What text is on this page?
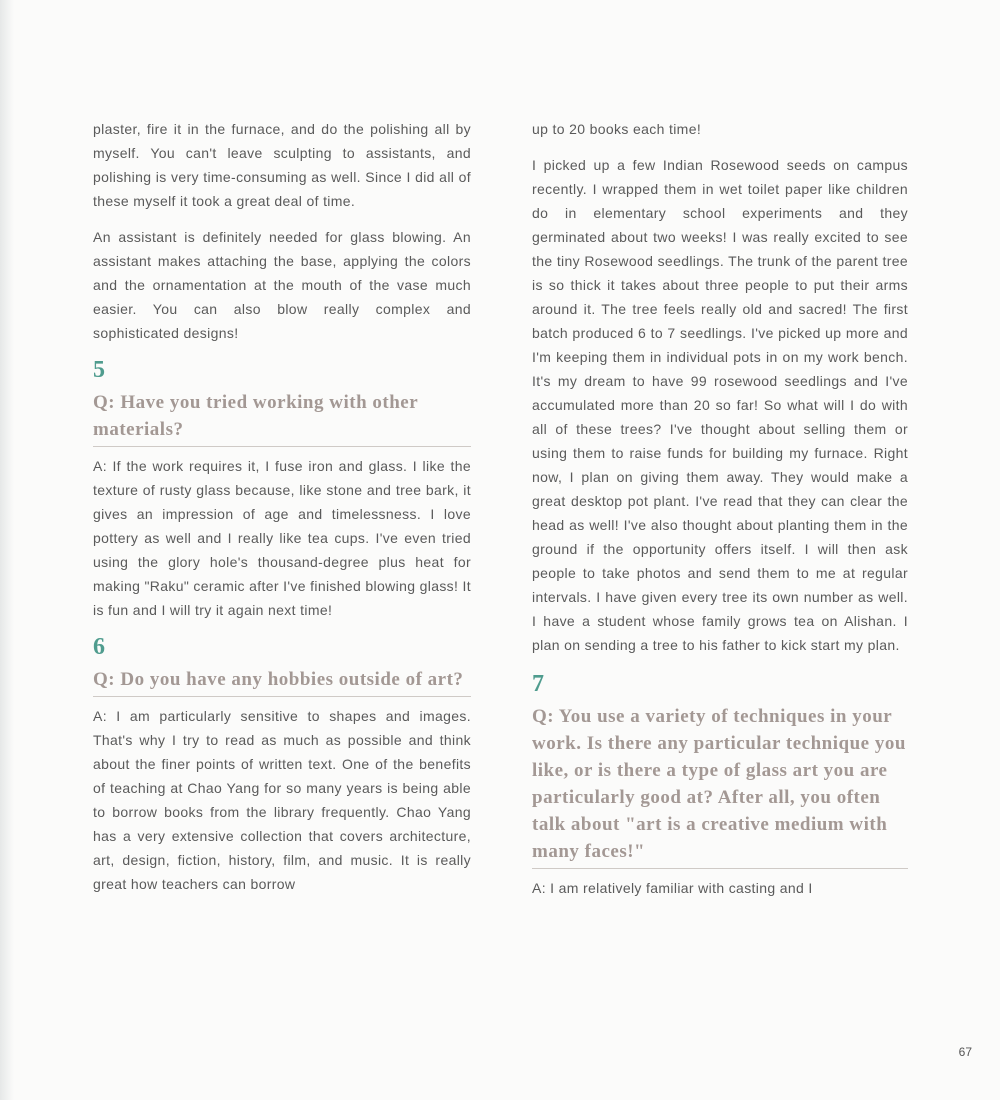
plaster, fire it in the furnace, and do the polishing all by myself. You can't leave sculpting to assistants, and polishing is very time-consuming as well. Since I did all of these myself it took a great deal of time.

An assistant is definitely needed for glass blowing. An assistant makes attaching the base, applying the colors and the ornamentation at the mouth of the vase much easier. You can also blow really complex and sophisticated designs!

5
Q: Have you tried working with other materials?

A: If the work requires it, I fuse iron and glass. I like the texture of rusty glass because, like stone and tree bark, it gives an impression of age and timelessness. I love pottery as well and I really like tea cups. I've even tried using the glory hole's thousand-degree plus heat for making "Raku" ceramic after I've finished blowing glass! It is fun and I will try it again next time!

6
Q: Do you have any hobbies outside of art?

A: I am particularly sensitive to shapes and images. That's why I try to read as much as possible and think about the finer points of written text. One of the benefits of teaching at Chao Yang for so many years is being able to borrow books from the library frequently. Chao Yang has a very extensive collection that covers architecture, art, design, fiction, history, film, and music. It is really great how teachers can borrow

up to 20 books each time!

I picked up a few Indian Rosewood seeds on campus recently. I wrapped them in wet toilet paper like children do in elementary school experiments and they germinated about two weeks! I was really excited to see the tiny Rosewood seedlings. The trunk of the parent tree is so thick it takes about three people to put their arms around it. The tree feels really old and sacred! The first batch produced 6 to 7 seedlings. I've picked up more and I'm keeping them in individual pots in on my work bench. It's my dream to have 99 rosewood seedlings and I've accumulated more than 20 so far! So what will I do with all of these trees? I've thought about selling them or using them to raise funds for building my furnace. Right now, I plan on giving them away. They would make a great desktop pot plant. I've read that they can clear the head as well! I've also thought about planting them in the ground if the opportunity offers itself. I will then ask people to take photos and send them to me at regular intervals. I have given every tree its own number as well. I have a student whose family grows tea on Alishan. I plan on sending a tree to his father to kick start my plan.

7
Q: You use a variety of techniques in your work. Is there any particular technique you like, or is there a type of glass art you are particularly good at? After all, you often talk about "art is a creative medium with many faces!"

A: I am relatively familiar with casting and I

67
